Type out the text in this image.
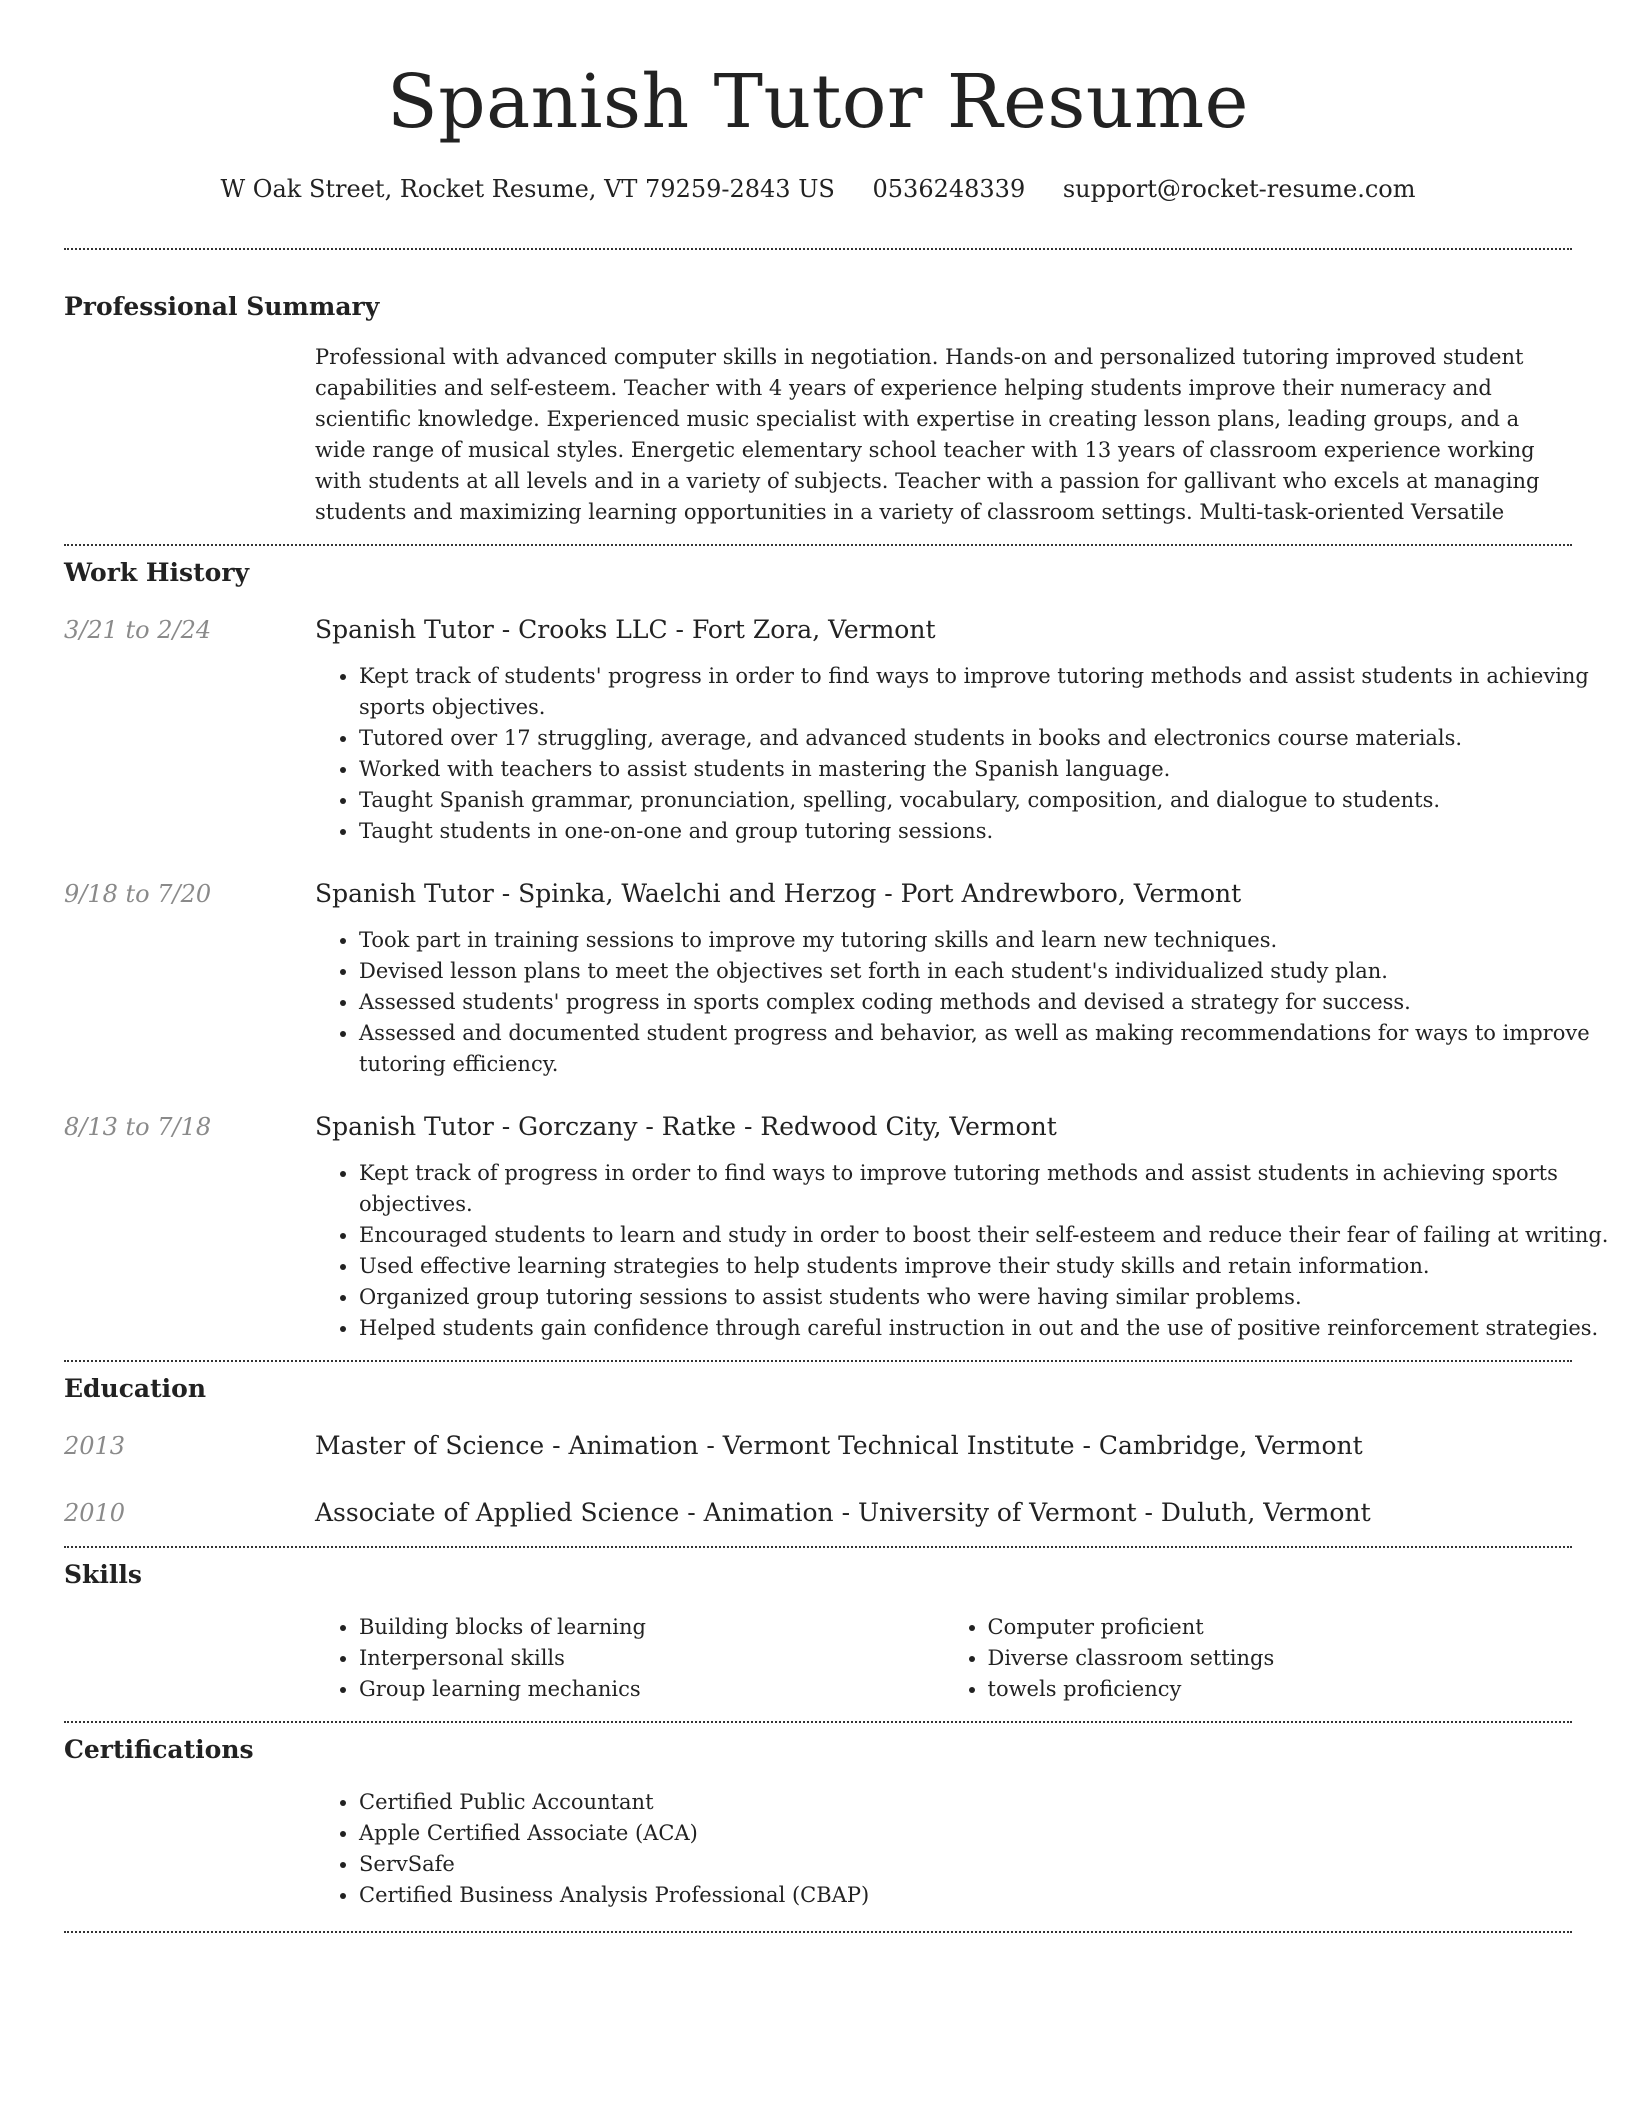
Spanish Tutor Resume
W Oak Street, Rocket Resume, VT 79259-2843 US 0536248339 support@rocket-resume.com
Professional Summary

Professional with advanced computer skills in negotiation. Hands-on and personalized tutoring improved student capabilities and self-esteem. Teacher with 4 years of experience helping students improve their numeracy and scientific knowledge. Experienced music specialist with expertise in creating lesson plans, leading groups, and a wide range of musical styles. Energetic elementary school teacher with 13 years of classroom experience working with students at all levels and in a variety of subjects. Teacher with a passion for gallivant who excels at managing students and maximizing learning opportunities in a variety of classroom settings. Multi-task-oriented Versatile

Work History
3/21 to 2/24	Spanish Tutor - Crooks LLC - Fort Zora, Vermont
• Kept track of students' progress in order to find ways to improve tutoring methods and assist students in achieving sports objectives.
• Tutored over 17 struggling, average, and advanced students in books and electronics course materials.
• Worked with teachers to assist students in mastering the Spanish language.
• Taught Spanish grammar, pronunciation, spelling, vocabulary, composition, and dialogue to students.
• Taught students in one-on-one and group tutoring sessions.
9/18 to 7/20	Spanish Tutor - Spinka, Waelchi and Herzog - Port Andrewboro, Vermont
• Took part in training sessions to improve my tutoring skills and learn new techniques.
• Devised lesson plans to meet the objectives set forth in each student's individualized study plan.
• Assessed students' progress in sports complex coding methods and devised a strategy for success.
• Assessed and documented student progress and behavior, as well as making recommendations for ways to improve tutoring efficiency.
8/13 to 7/18	Spanish Tutor - Gorczany - Ratke - Redwood City, Vermont
• Kept track of progress in order to find ways to improve tutoring methods and assist students in achieving sports objectives.
• Encouraged students to learn and study in order to boost their self-esteem and reduce their fear of failing at writing.
• Used effective learning strategies to help students improve their study skills and retain information.
• Organized group tutoring sessions to assist students who were having similar problems.
• Helped students gain confidence through careful instruction in out and the use of positive reinforcement strategies.
Education
2013	Master of Science - Animation - Vermont Technical Institute - Cambridge, Vermont
2010	Associate of Applied Science - Animation - University of Vermont - Duluth, Vermont
Skills
• Building blocks of learning
• Interpersonal skills
• Group learning mechanics
• Computer proficient
• Diverse classroom settings
• towels proficiency
Certifications
• Certified Public Accountant
• Apple Certified Associate (ACA)
• ServSafe
• Certified Business Analysis Professional (CBAP)
